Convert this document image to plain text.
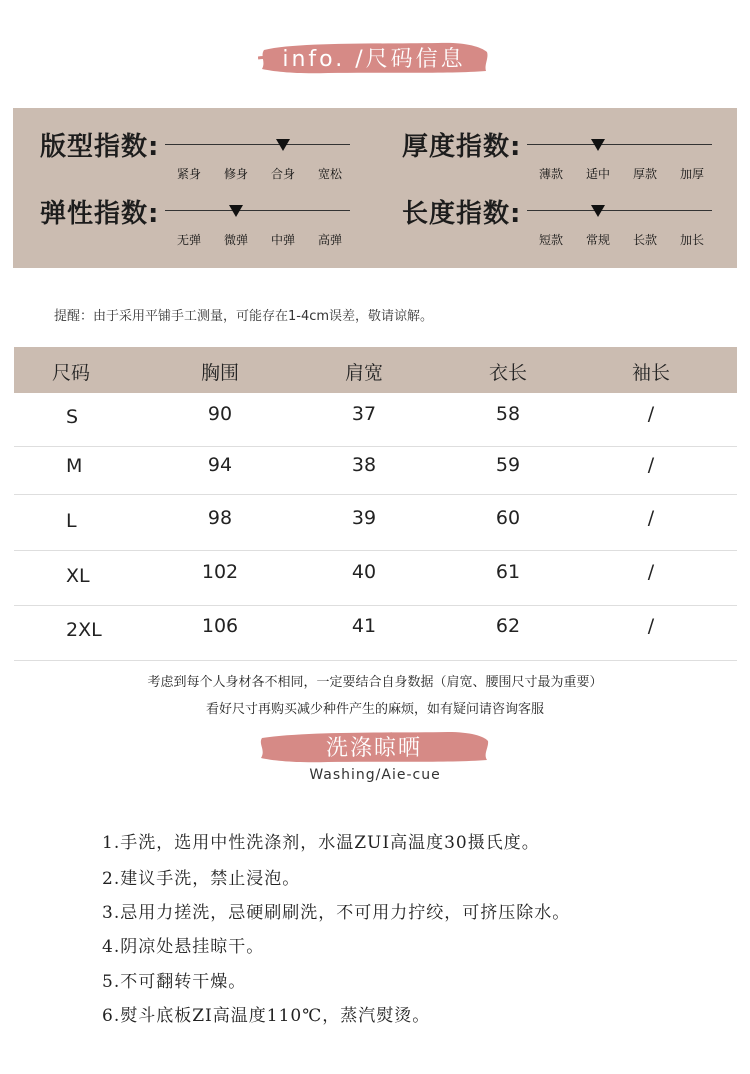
info. /尺码信息
版型指数:
紧身 修身 合身 宽松
厚度指数:
薄款 适中 厚款 加厚
弹性指数:
无弹 微弹 中弹 高弹
长度指数:
短款 常规 长款 加长
提醒：由于采用平铺手工测量，可能存在1-4cm误差，敬请谅解。
尺码	胸围	肩宽	衣长	袖长
S	90	37	58	/
M	94	38	59	/
L	98	39	60	/
XL	102	40	61	/
2XL	106	41	62	/
考虑到每个人身材各不相同，一定要结合自身数据（肩宽、腰围尺寸最为重要）
看好尺寸再购买减少种件产生的麻烦，如有疑问请咨询客服
洗涤晾晒
Washing/Aie-cue
1.手洗，选用中性洗涤剂，水温ZUI高温度30摄氏度。
2.建议手洗，禁止浸泡。
3.忌用力搓洗，忌硬刷刷洗，不可用力拧绞，可挤压除水。
4.阴凉处悬挂晾干。
5.不可翻转干燥。
6.熨斗底板ZI高温度110℃，蒸汽熨烫。
